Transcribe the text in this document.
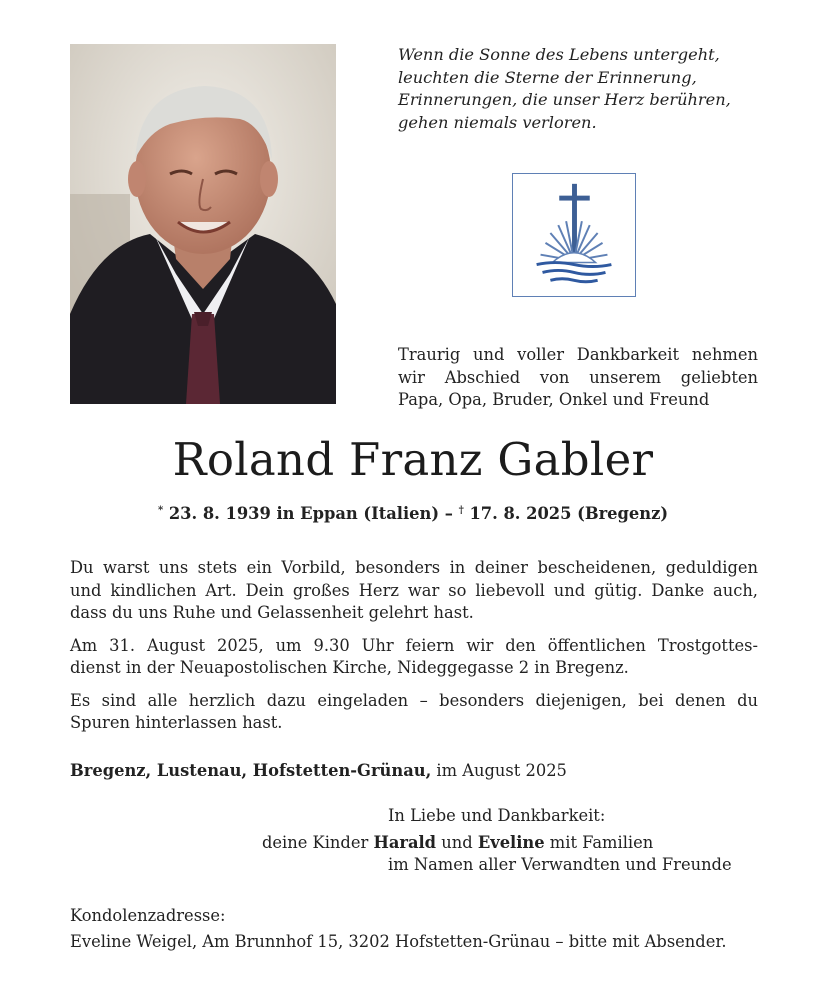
Wenn die Sonne des Lebens untergeht,
leuchten die Sterne der Erinnerung,
Erinnerungen, die unser Herz berühren,
gehen niemals verloren.
Traurig und voller Dankbarkeit nehmen
wir Abschied von unserem geliebten
Papa, Opa, Bruder, Onkel und Freund
Roland Franz Gabler
* 23. 8. 1939 in Eppan (Italien) – † 17. 8. 2025 (Bregenz)

Du warst uns stets ein Vorbild, besonders in deiner bescheidenen, geduldigen
und kindlichen Art. Dein großes Herz war so liebevoll und gütig. Danke auch,
dass du uns Ruhe und Gelassenheit gelehrt hast.

Am 31. August 2025, um 9.30 Uhr feiern wir den öffentlichen Trostgottes-
dienst in der Neuapostolischen Kirche, Nideggegasse 2 in Bregenz.

Es sind alle herzlich dazu eingeladen – besonders diejenigen, bei denen du
Spuren hinterlassen hast.

Bregenz, Lustenau, Hofstetten-Grünau, im August 2025
In Liebe und Dankbarkeit:
deine Kinder Harald und Eveline mit Familien
im Namen aller Verwandten und Freunde
Kondolenzadresse:
Eveline Weigel, Am Brunnhof 15, 3202 Hofstetten-Grünau – bitte mit Absender.
